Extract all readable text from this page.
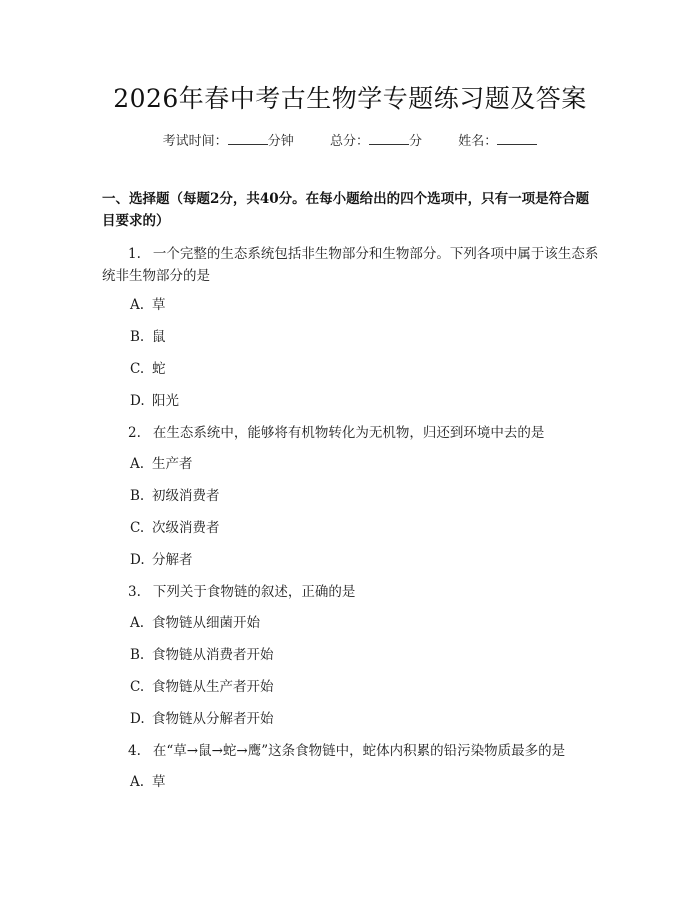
2026年春中考古生物学专题练习题及答案
考试时间：	分钟	总分：	分	姓名：
一、选择题（每题2分，共40分。在每小题给出的四个选项中，只有一项是符合题目要求的）
1. 一个完整的生态系统包括非生物部分和生物部分。下列各项中属于该生态系统非生物部分的是
A. 草
B. 鼠
C. 蛇
D. 阳光
2. 在生态系统中，能够将有机物转化为无机物，归还到环境中去的是
A. 生产者
B. 初级消费者
C. 次级消费者
D. 分解者
3. 下列关于食物链的叙述，正确的是
A. 食物链从细菌开始
B. 食物链从消费者开始
C. 食物链从生产者开始
D. 食物链从分解者开始
4. 在“草→鼠→蛇→鹰”这条食物链中，蛇体内积累的铅污染物质最多的是
A. 草
